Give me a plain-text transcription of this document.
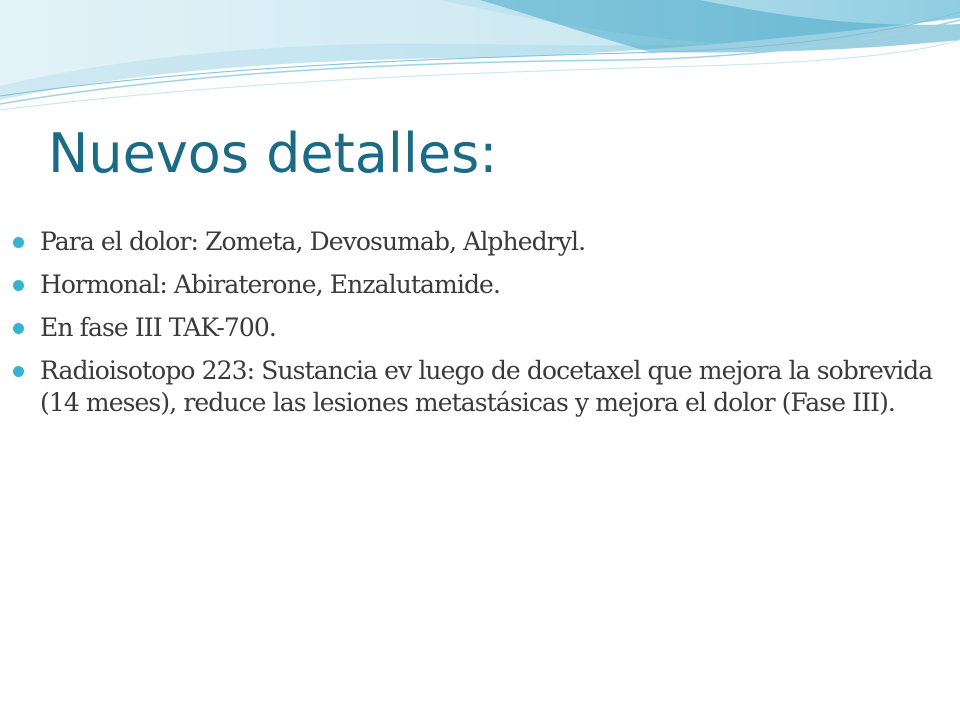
Nuevos detalles:
Para el dolor: Zometa, Devosumab, Alphedryl.
Hormonal: Abiraterone, Enzalutamide.
En fase III TAK-700.
Radioisotopo 223: Sustancia ev luego de docetaxel que mejora la sobrevida (14 meses), reduce las lesiones metastásicas y mejora el dolor (Fase III).
